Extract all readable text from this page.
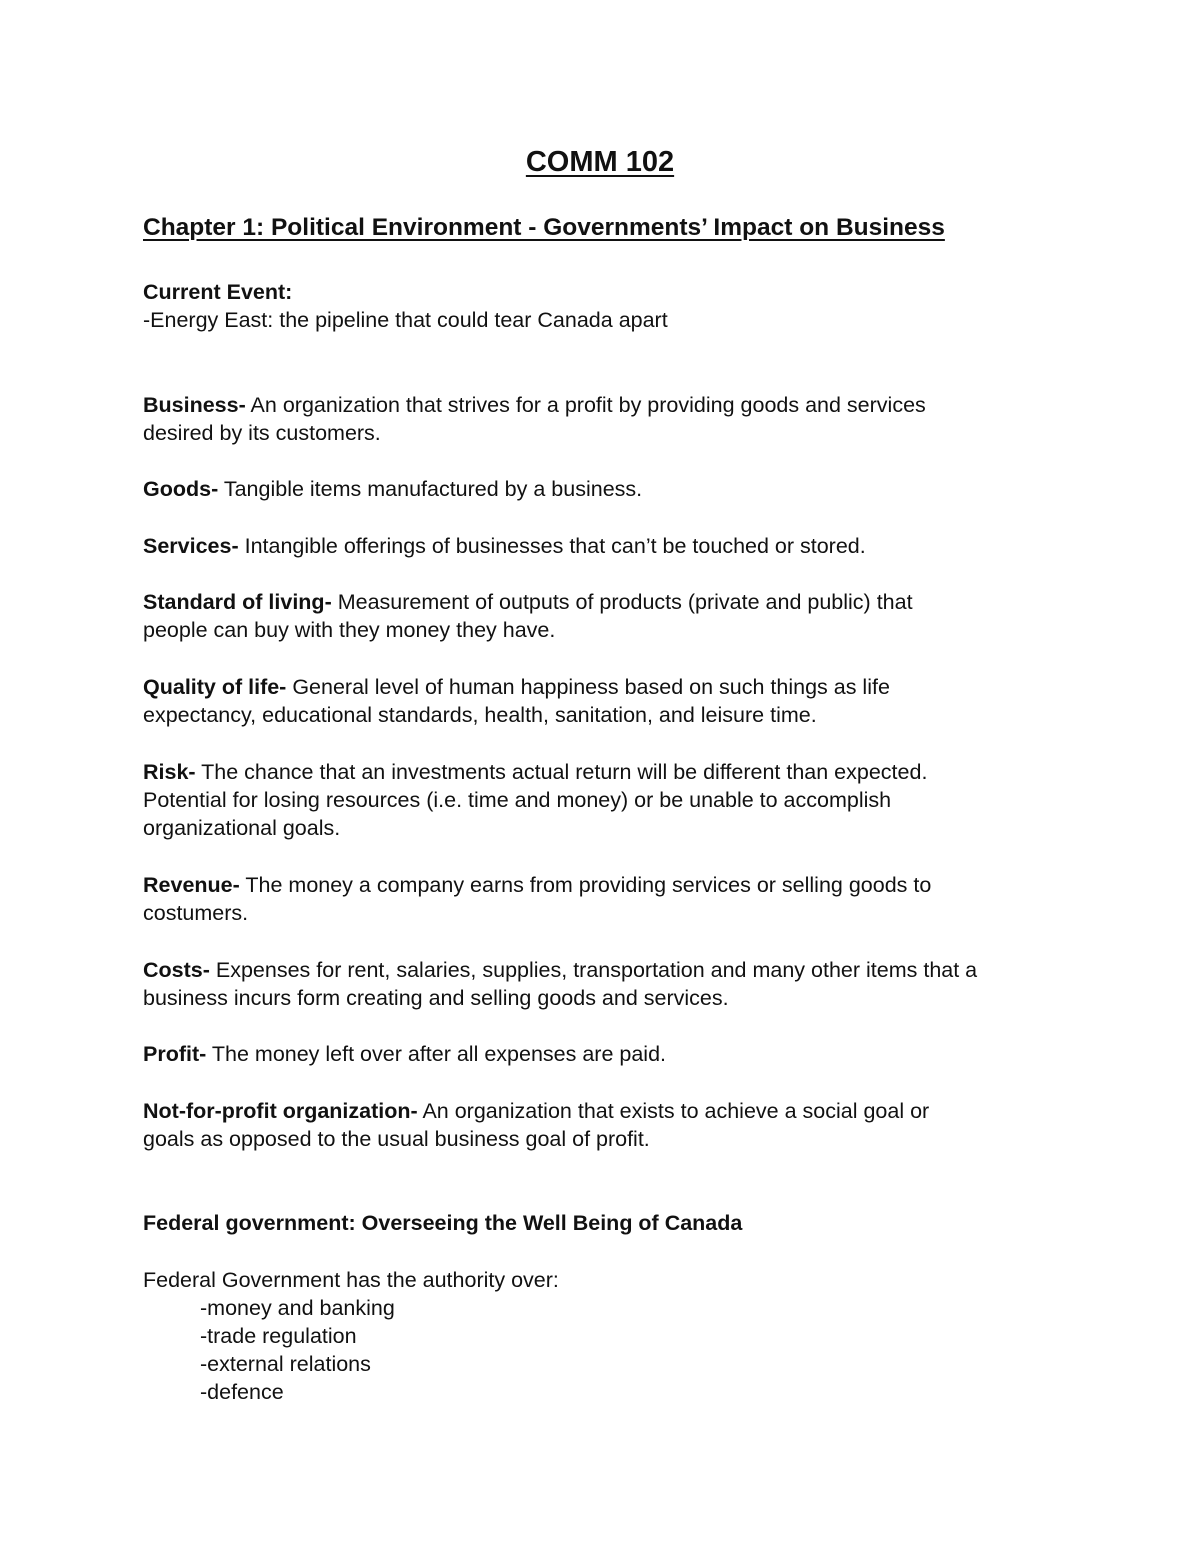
COMM 102
Chapter 1: Political Environment - Governments’ Impact on Business
Current Event:
-Energy East: the pipeline that could tear Canada apart
Business- An organization that strives for a profit by providing goods and services
desired by its customers.
Goods- Tangible items manufactured by a business.
Services- Intangible offerings of businesses that can’t be touched or stored.
Standard of living- Measurement of outputs of products (private and public) that
people can buy with they money they have.
Quality of life- General level of human happiness based on such things as life
expectancy, educational standards, health, sanitation, and leisure time.
Risk- The chance that an investments actual return will be different than expected.
Potential for losing resources (i.e. time and money) or be unable to accomplish
organizational goals.
Revenue- The money a company earns from providing services or selling goods to
costumers.
Costs- Expenses for rent, salaries, supplies, transportation and many other items that a
business incurs form creating and selling goods and services.
Profit- The money left over after all expenses are paid.
Not-for-profit organization- An organization that exists to achieve a social goal or
goals as opposed to the usual business goal of profit.
Federal government: Overseeing the Well Being of Canada
Federal Government has the authority over:
-money and banking
-trade regulation
-external relations
-defence
